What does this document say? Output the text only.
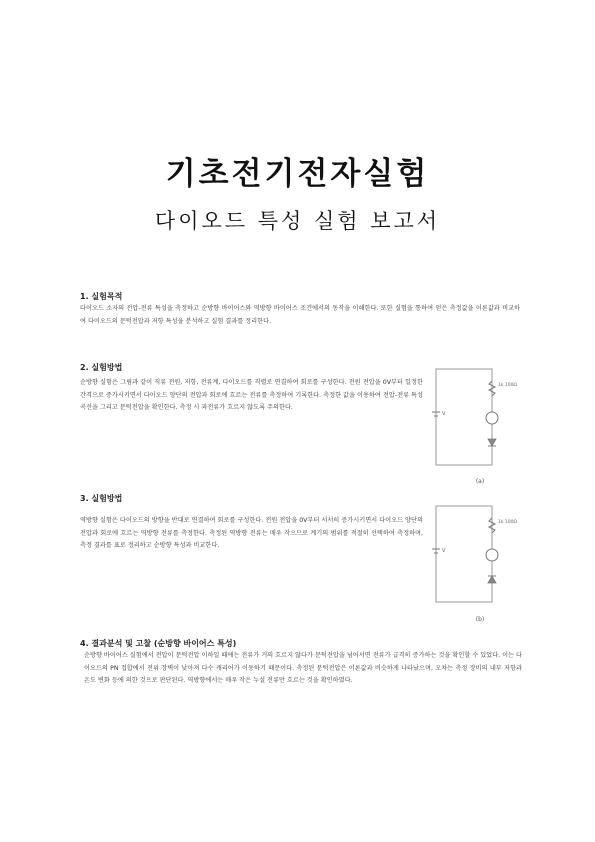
기초전기전자실험
다이오드 특성 실험 보고서
1. 실험목적
다이오드 소자의 전압-전류 특성을 측정하고 순방향 바이어스와 역방향 바이어스 조건에서의 동작을 이해한다. 또한 실험을 통하여 얻은 측정값을 이론값과 비교하여 다이오드의 문턱전압과 저항 특성을 분석하고 실험 결과를 정리한다.
2. 실험방법
순방향 실험은 그림과 같이 직류 전원, 저항, 전류계, 다이오드를 직렬로 연결하여 회로를 구성한다. 전원 전압을 0V부터 일정한 간격으로 증가시키면서 다이오드 양단의 전압과 회로에 흐르는 전류를 측정하여 기록한다. 측정한 값을 이용하여 전압-전류 특성 곡선을 그리고 문턱전압을 확인한다. 측정 시 과전류가 흐르지 않도록 주의한다.
V
1k 100Ω
(a)
3. 실험방법
역방향 실험은 다이오드의 방향을 반대로 연결하여 회로를 구성한다. 전원 전압을 0V부터 서서히 증가시키면서 다이오드 양단의 전압과 회로에 흐르는 역방향 전류를 측정한다. 측정된 역방향 전류는 매우 작으므로 계기의 범위를 적절히 선택하여 측정하며, 측정 결과를 표로 정리하고 순방향 특성과 비교한다.
V
1k 100Ω
(b)
4. 결과분석 및 고찰 (순방향 바이어스 특성)
순방향 바이어스 실험에서 전압이 문턱전압 이하일 때에는 전류가 거의 흐르지 않다가 문턱전압을 넘어서면 전류가 급격히 증가하는 것을 확인할 수 있었다. 이는 다이오드의 PN 접합에서 전위 장벽이 낮아져 다수 캐리어가 이동하기 때문이다. 측정된 문턱전압은 이론값과 비슷하게 나타났으며, 오차는 측정 장비의 내부 저항과 온도 변화 등에 의한 것으로 판단된다. 역방향에서는 매우 작은 누설 전류만 흐르는 것을 확인하였다.
